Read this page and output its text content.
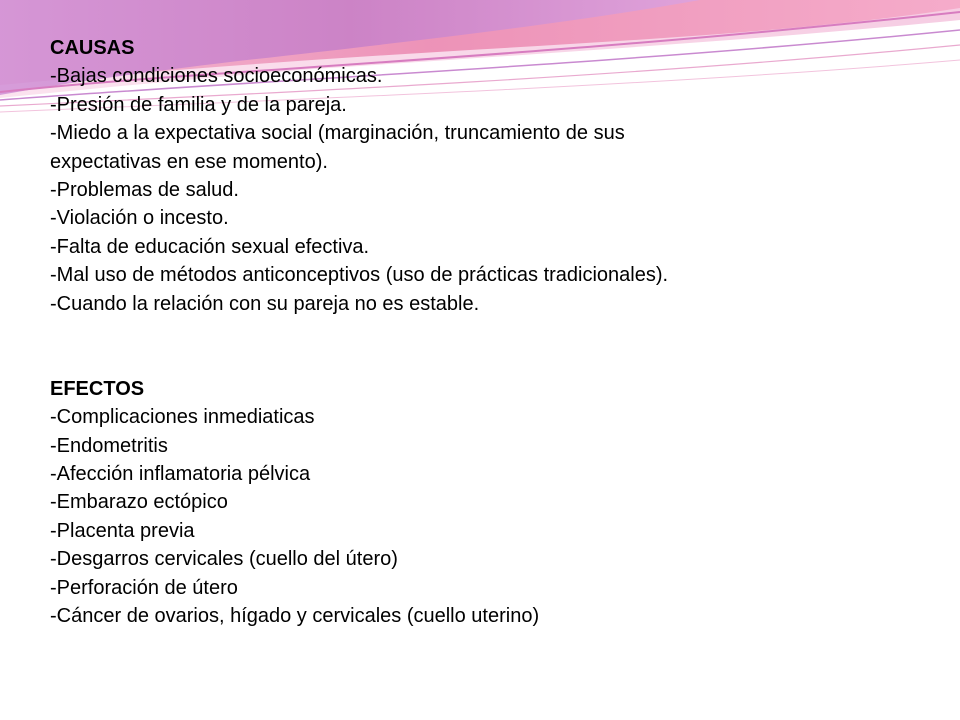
CAUSAS
-Bajas condiciones socioeconómicas.
-Presión de familia y de la pareja.
-Miedo a la expectativa social (marginación, truncamiento de sus
expectativas en ese momento).
-Problemas de salud.
-Violación o incesto.
-Falta de educación sexual efectiva.
-Mal uso de métodos anticonceptivos (uso de prácticas tradicionales).
-Cuando la relación con su pareja no es estable.
EFECTOS
-Complicaciones inmediaticas
-Endometritis
-Afección inflamatoria pélvica
-Embarazo ectópico
-Placenta previa
-Desgarros cervicales (cuello del útero)
-Perforación de útero
-Cáncer de ovarios, hígado y cervicales (cuello uterino)
